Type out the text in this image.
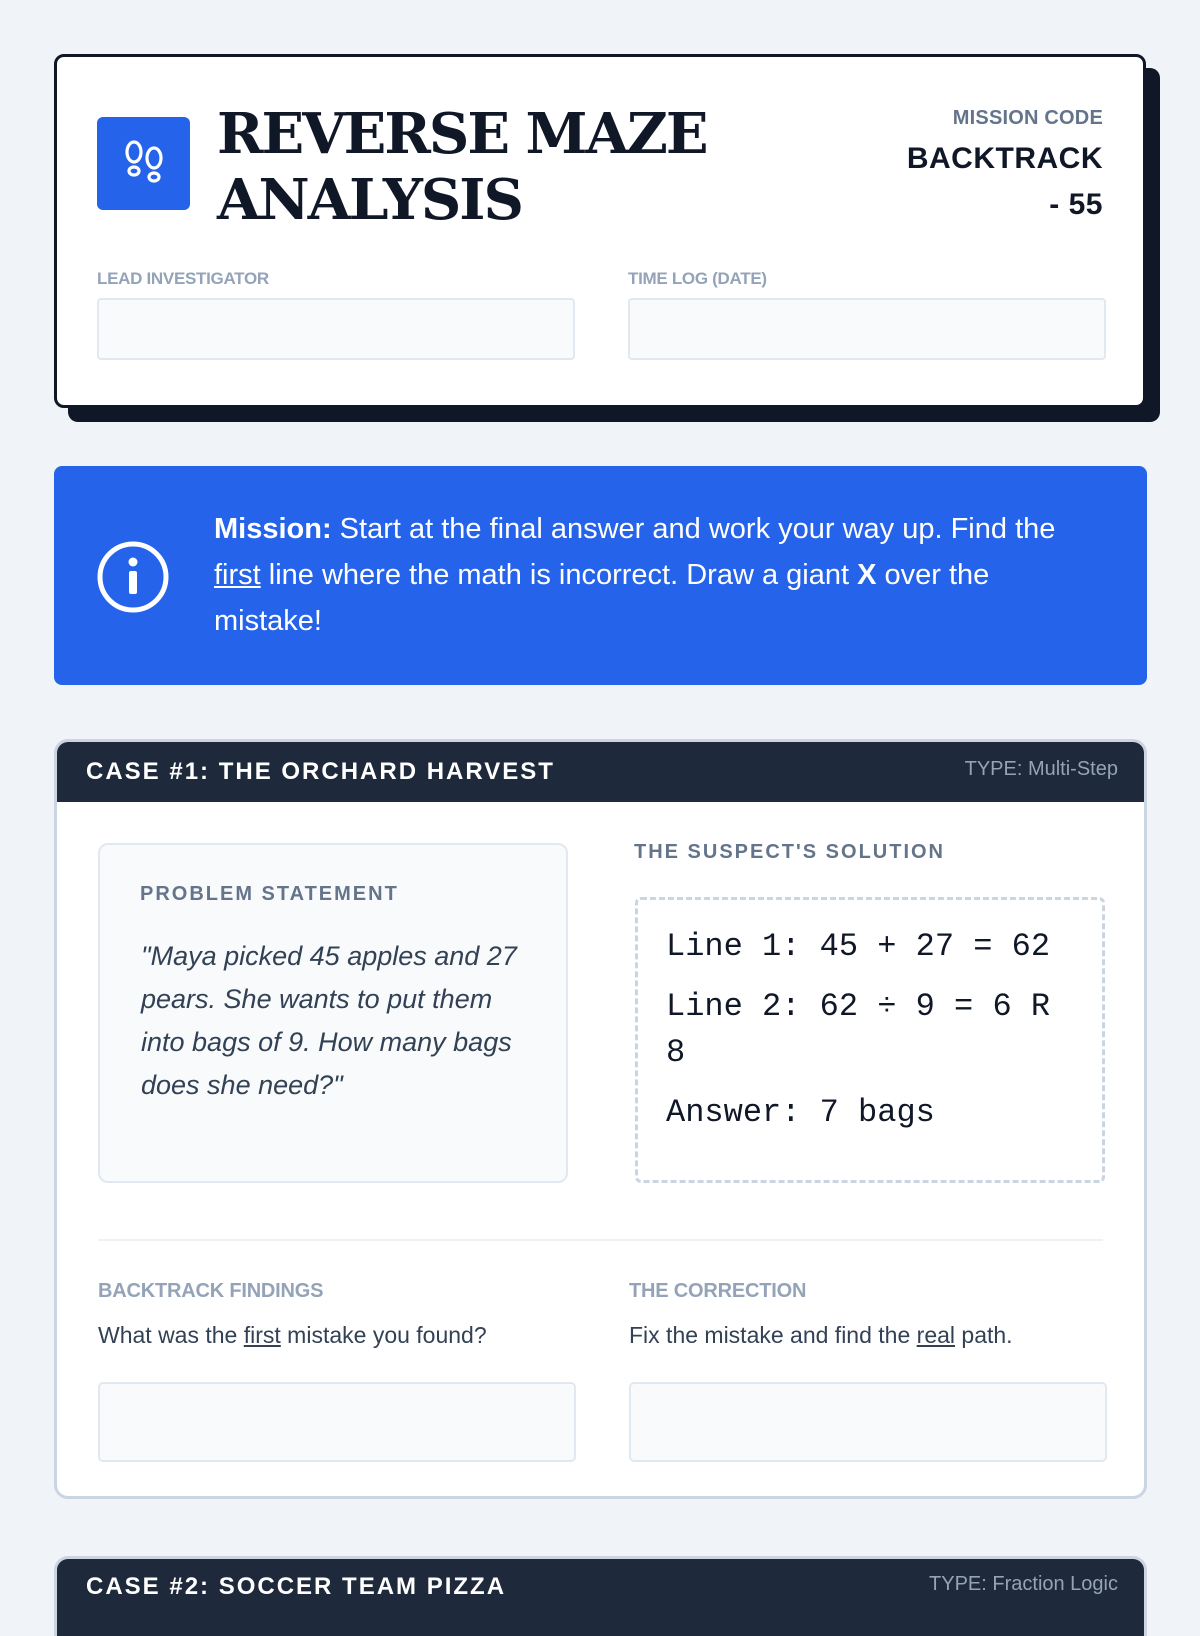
REVERSE MAZE ANALYSIS
MISSION CODE
BACKTRACK - 55
LEAD INVESTIGATOR	TIME LOG (DATE)
Mission: Start at the final answer and work your way up. Find the first line where the math is incorrect. Draw a giant X over the mistake!
CASE #1: THE ORCHARD HARVEST	TYPE: Multi-Step
PROBLEM STATEMENT
"Maya picked 45 apples and 27 pears. She wants to put them into bags of 9. How many bags does she need?"
THE SUSPECT'S SOLUTION
Line 1: 45 + 27 = 62
Line 2: 62 ÷ 9 = 6 R 8
Answer: 7 bags
BACKTRACK FINDINGS
What was the first mistake you found?
THE CORRECTION
Fix the mistake and find the real path.
CASE #2: SOCCER TEAM PIZZA	TYPE: Fraction Logic
